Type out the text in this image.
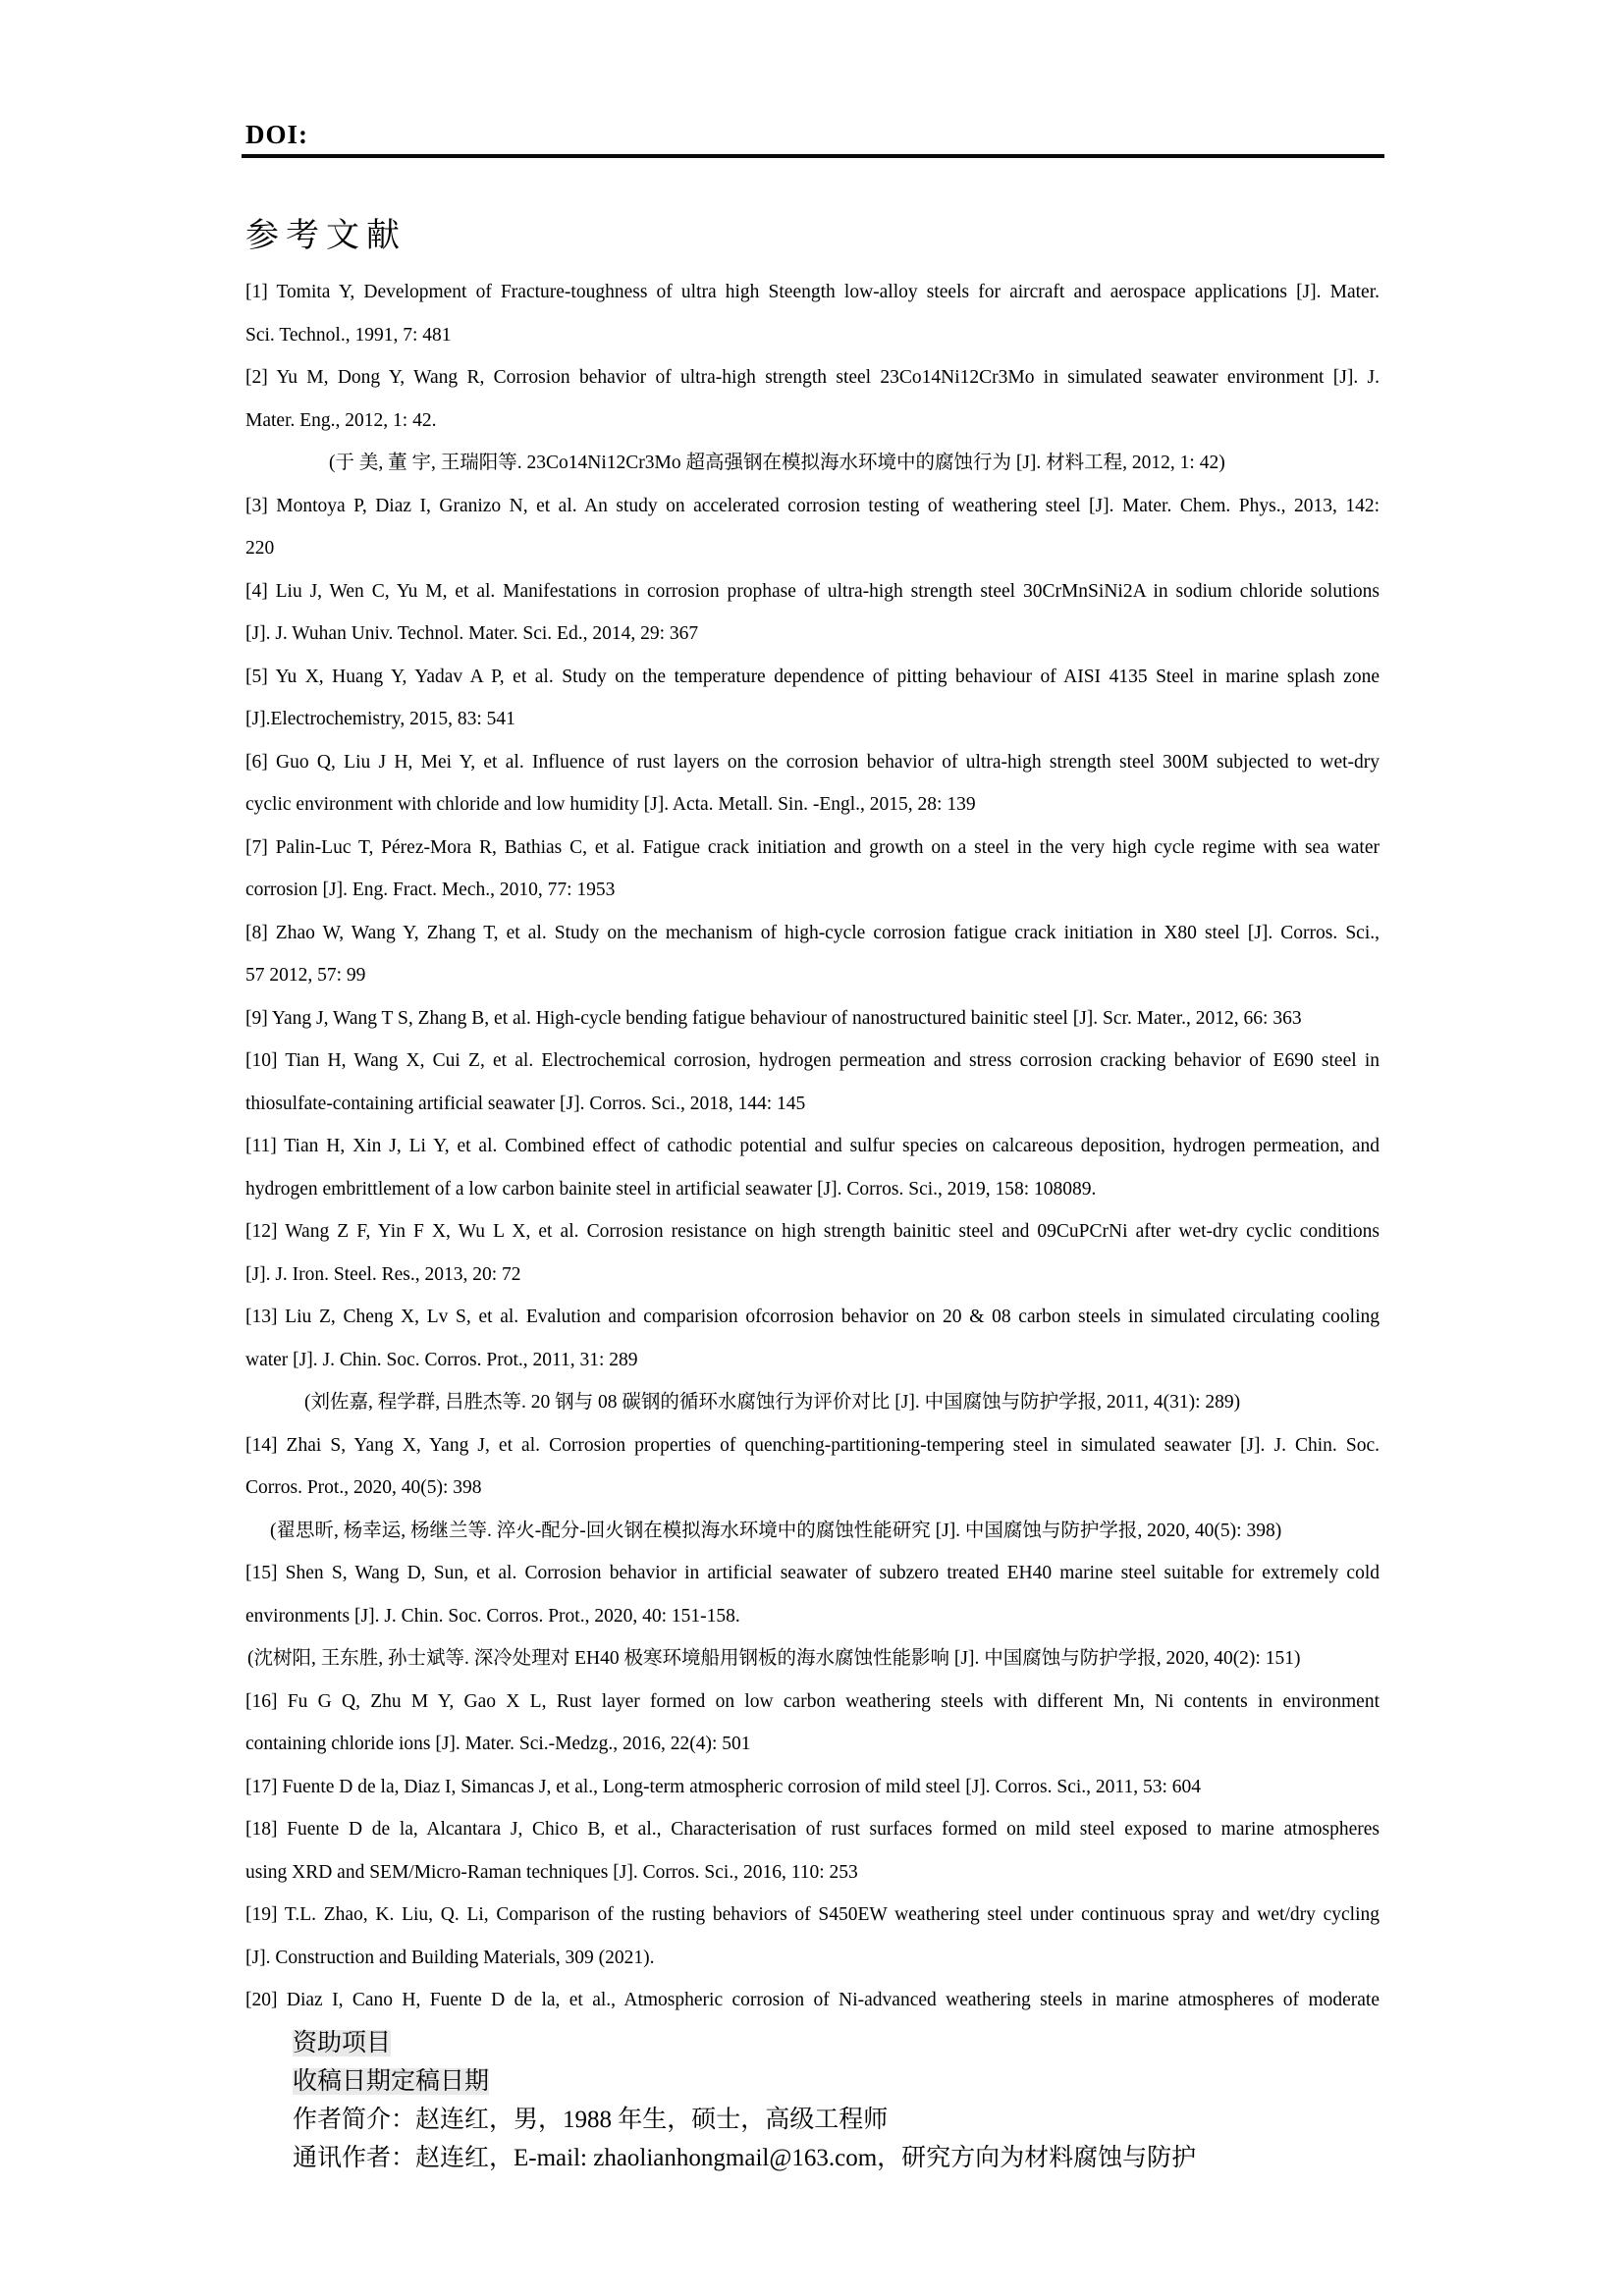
DOI:
参考文献
[1] Tomita Y, Development of Fracture-toughness of ultra high Steength low-alloy steels for aircraft and aerospace applications [J]. Mater.
Sci. Technol., 1991, 7: 481
[2] Yu M, Dong Y, Wang R, Corrosion behavior of ultra-high strength steel 23Co14Ni12Cr3Mo in simulated seawater environment [J]. J.
Mater. Eng., 2012, 1: 42.
(于 美, 董 宇, 王瑞阳等. 23Co14Ni12Cr3Mo 超高强钢在模拟海水环境中的腐蚀行为 [J]. 材料工程, 2012, 1: 42)
[3] Montoya P, Diaz I, Granizo N, et al. An study on accelerated corrosion testing of weathering steel [J]. Mater. Chem. Phys., 2013, 142:
220
[4] Liu J, Wen C, Yu M, et al. Manifestations in corrosion prophase of ultra-high strength steel 30CrMnSiNi2A in sodium chloride solutions
[J]. J. Wuhan Univ. Technol. Mater. Sci. Ed., 2014, 29: 367
[5] Yu X, Huang Y, Yadav A P, et al. Study on the temperature dependence of pitting behaviour of AISI 4135 Steel in marine splash zone
[J].Electrochemistry, 2015, 83: 541
[6] Guo Q, Liu J H, Mei Y, et al. Influence of rust layers on the corrosion behavior of ultra-high strength steel 300M subjected to wet-dry
cyclic environment with chloride and low humidity [J]. Acta. Metall. Sin. -Engl., 2015, 28: 139
[7] Palin-Luc T, Pérez-Mora R, Bathias C, et al. Fatigue crack initiation and growth on a steel in the very high cycle regime with sea water
corrosion [J]. Eng. Fract. Mech., 2010, 77: 1953
[8] Zhao W, Wang Y, Zhang T, et al. Study on the mechanism of high-cycle corrosion fatigue crack initiation in X80 steel [J]. Corros. Sci.,
57 2012, 57: 99
[9] Yang J, Wang T S, Zhang B, et al. High-cycle bending fatigue behaviour of nanostructured bainitic steel [J]. Scr. Mater., 2012, 66: 363
[10] Tian H, Wang X, Cui Z, et al. Electrochemical corrosion, hydrogen permeation and stress corrosion cracking behavior of E690 steel in
thiosulfate-containing artificial seawater [J]. Corros. Sci., 2018, 144: 145
[11] Tian H, Xin J, Li Y, et al. Combined effect of cathodic potential and sulfur species on calcareous deposition, hydrogen permeation, and
hydrogen embrittlement of a low carbon bainite steel in artificial seawater [J]. Corros. Sci., 2019, 158: 108089.
[12] Wang Z F, Yin F X, Wu L X, et al. Corrosion resistance on high strength bainitic steel and 09CuPCrNi after wet-dry cyclic conditions
[J]. J. Iron. Steel. Res., 2013, 20: 72
[13] Liu Z, Cheng X, Lv S, et al. Evalution and comparision ofcorrosion behavior on 20 & 08 carbon steels in simulated circulating cooling
water [J]. J. Chin. Soc. Corros. Prot., 2011, 31: 289
(刘佐嘉, 程学群, 吕胜杰等. 20 钢与 08 碳钢的循环水腐蚀行为评价对比 [J]. 中国腐蚀与防护学报, 2011, 4(31): 289)
[14] Zhai S, Yang X, Yang J, et al. Corrosion properties of quenching-partitioning-tempering steel in simulated seawater [J]. J. Chin. Soc.
Corros. Prot., 2020, 40(5): 398
(翟思昕, 杨幸运, 杨继兰等. 淬火-配分-回火钢在模拟海水环境中的腐蚀性能研究 [J]. 中国腐蚀与防护学报, 2020, 40(5): 398)
[15] Shen S, Wang D, Sun, et al. Corrosion behavior in artificial seawater of subzero treated EH40 marine steel suitable for extremely cold
environments [J]. J. Chin. Soc. Corros. Prot., 2020, 40: 151-158.
(沈树阳, 王东胜, 孙士斌等. 深冷处理对 EH40 极寒环境船用钢板的海水腐蚀性能影响 [J]. 中国腐蚀与防护学报, 2020, 40(2): 151)
[16] Fu G Q, Zhu M Y, Gao X L, Rust layer formed on low carbon weathering steels with different Mn, Ni contents in environment
containing chloride ions [J]. Mater. Sci.-Medzg., 2016, 22(4): 501
[17] Fuente D de la, Diaz I, Simancas J, et al., Long-term atmospheric corrosion of mild steel [J]. Corros. Sci., 2011, 53: 604
[18] Fuente D de la, Alcantara J, Chico B, et al., Characterisation of rust surfaces formed on mild steel exposed to marine atmospheres
using XRD and SEM/Micro-Raman techniques [J]. Corros. Sci., 2016, 110: 253
[19] T.L. Zhao, K. Liu, Q. Li, Comparison of the rusting behaviors of S450EW weathering steel under continuous spray and wet/dry cycling
[J]. Construction and Building Materials, 309 (2021).
[20] Diaz I, Cano H, Fuente D de la, et al., Atmospheric corrosion of Ni-advanced weathering steels in marine atmospheres of moderate
资助项目
收稿日期定稿日期
作者简介：赵连红，男，1988 年生，硕士，高级工程师
通讯作者：赵连红，E-mail: zhaolianhongmail@163.com，研究方向为材料腐蚀与防护
